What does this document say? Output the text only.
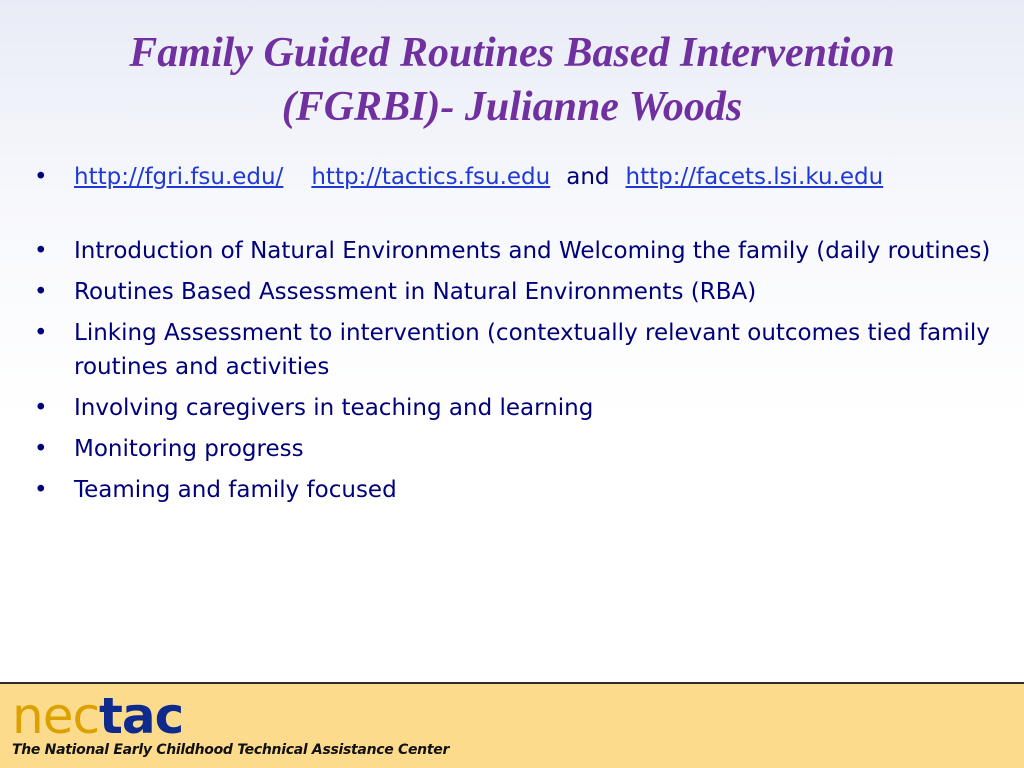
Family Guided Routines Based Intervention (FGRBI)- Julianne Woods
• http://fgri.fsu.edu/ http://tactics.fsu.edu and http://facets.lsi.ku.edu
• Introduction of Natural Environments and Welcoming the family (daily routines)
• Routines Based Assessment in Natural Environments (RBA)
• Linking Assessment to intervention (contextually relevant outcomes tied family routines and activities
• Involving caregivers in teaching and learning
• Monitoring progress
• Teaming and family focused
nectac
The National Early Childhood Technical Assistance Center
